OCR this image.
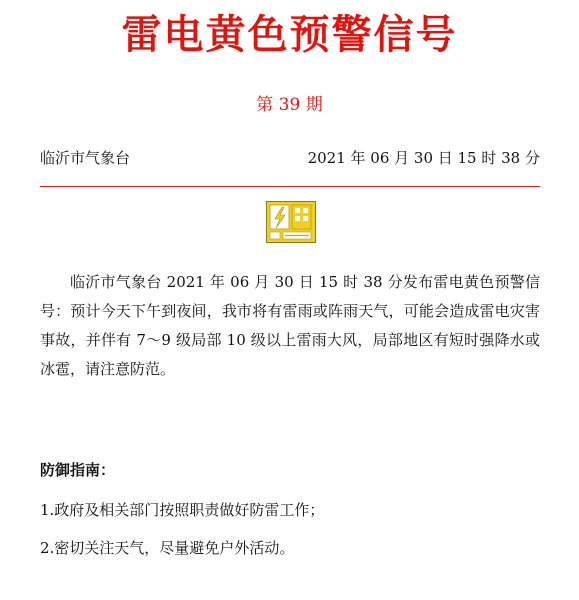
雷电黄色预警信号
第 39 期
临沂市气象台	2021 年 06 月 30 日 15 时 38 分

临沂市气象台 2021 年 06 月 30 日 15 时 38 分发布雷电黄色预警信号：预计今天下午到夜间，我市将有雷雨或阵雨天气，可能会造成雷电灾害事故，并伴有 7～9 级局部 10 级以上雷雨大风，局部地区有短时强降水或冰雹，请注意防范。

防御指南：
1.政府及相关部门按照职责做好防雷工作；
2.密切关注天气，尽量避免户外活动。
